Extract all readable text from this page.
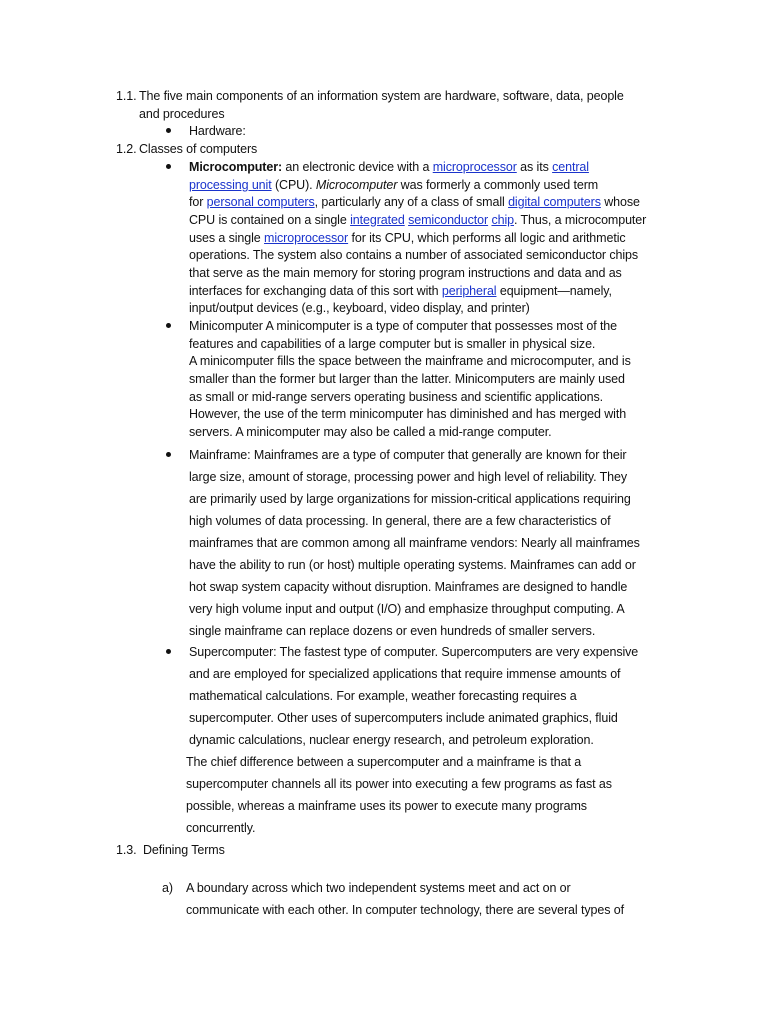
1.1. The five main components of an information system are hardware, software, data, people
and procedures
Hardware:
1.2. Classes of computers
Microcomputer: an electronic device with a microprocessor as its central
processing unit (CPU). Microcomputer was formerly a commonly used term
for personal computers, particularly any of a class of small digital computers whose
CPU is contained on a single integrated semiconductor chip. Thus, a microcomputer
uses a single microprocessor for its CPU, which performs all logic and arithmetic
operations. The system also contains a number of associated semiconductor chips
that serve as the main memory for storing program instructions and data and as
interfaces for exchanging data of this sort with peripheral equipment—namely,
input/output devices (e.g., keyboard, video display, and printer)
Minicomputer A minicomputer is a type of computer that possesses most of the
features and capabilities of a large computer but is smaller in physical size.
A minicomputer fills the space between the mainframe and microcomputer, and is
smaller than the former but larger than the latter. Minicomputers are mainly used
as small or mid-range servers operating business and scientific applications.
However, the use of the term minicomputer has diminished and has merged with
servers. A minicomputer may also be called a mid-range computer.
Mainframe: Mainframes are a type of computer that generally are known for their
large size, amount of storage, processing power and high level of reliability. They
are primarily used by large organizations for mission-critical applications requiring
high volumes of data processing. In general, there are a few characteristics of
mainframes that are common among all mainframe vendors: Nearly all mainframes
have the ability to run (or host) multiple operating systems. Mainframes can add or
hot swap system capacity without disruption. Mainframes are designed to handle
very high volume input and output (I/O) and emphasize throughput computing. A
single mainframe can replace dozens or even hundreds of smaller servers.
Supercomputer: The fastest type of computer. Supercomputers are very expensive
and are employed for specialized applications that require immense amounts of
mathematical calculations. For example, weather forecasting requires a
supercomputer. Other uses of supercomputers include animated graphics, fluid
dynamic calculations, nuclear energy research, and petroleum exploration.
The chief difference between a supercomputer and a mainframe is that a
supercomputer channels all its power into executing a few programs as fast as
possible, whereas a mainframe uses its power to execute many programs
concurrently.
1.3. Defining Terms
a) A boundary across which two independent systems meet and act on or
communicate with each other. In computer technology, there are several types of
